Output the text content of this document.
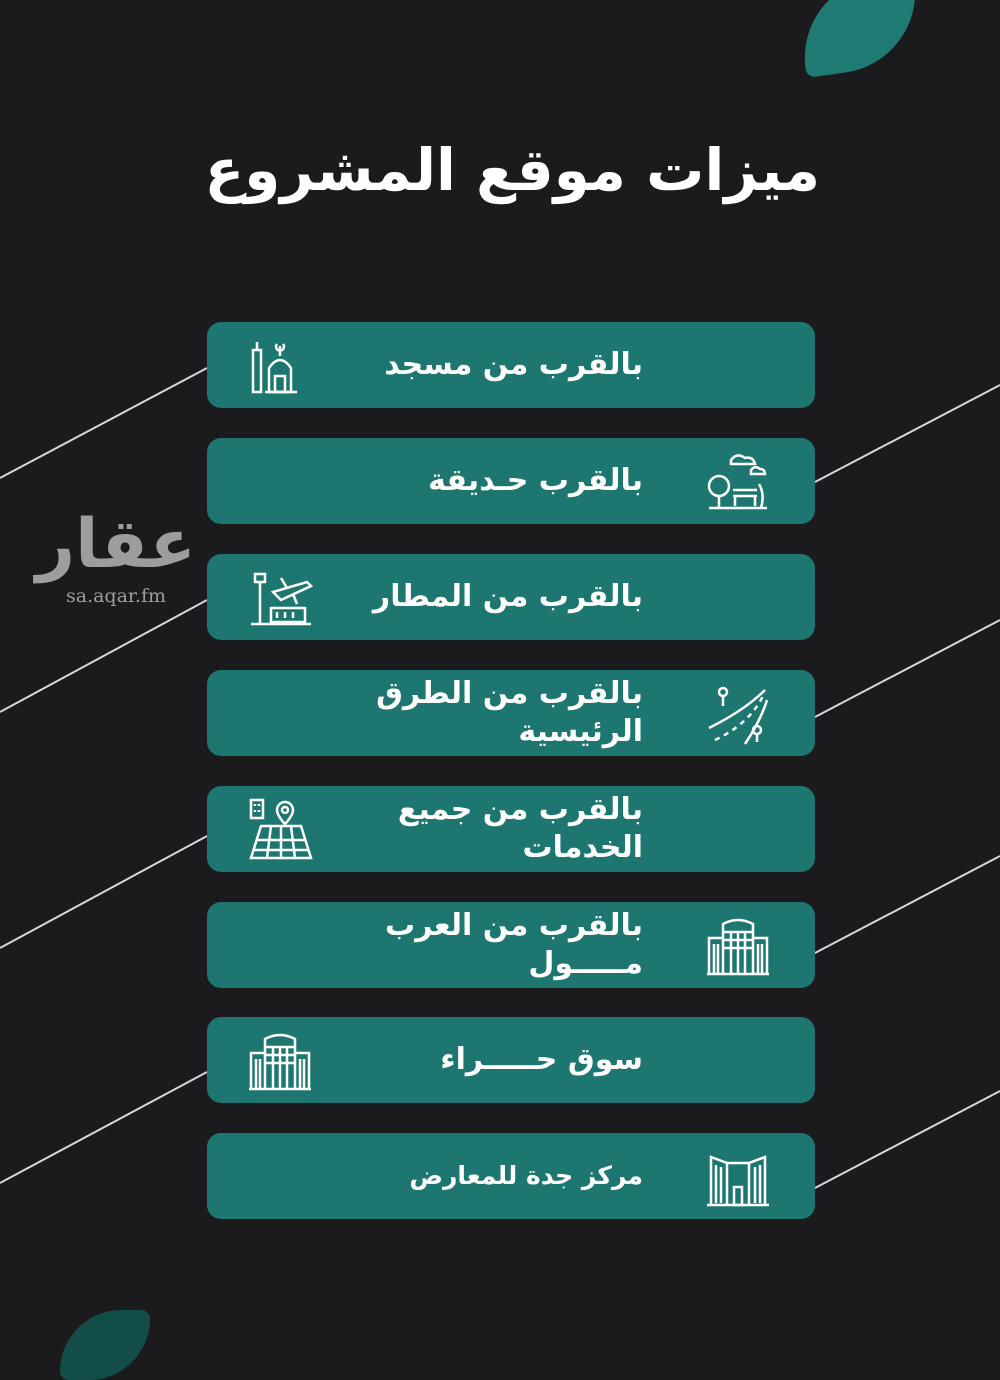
ميزات موقع المشروع
عقار
sa.aqar.fm
بالقرب من مسجد
بالقرب حـديقة
بالقرب من المطار
بالقرب من الطرق الرئيسية
بالقرب من جميع الخدمات
بالقرب من العرب مـــــول
سوق حـــــراء
مركز جدة للمعارض
